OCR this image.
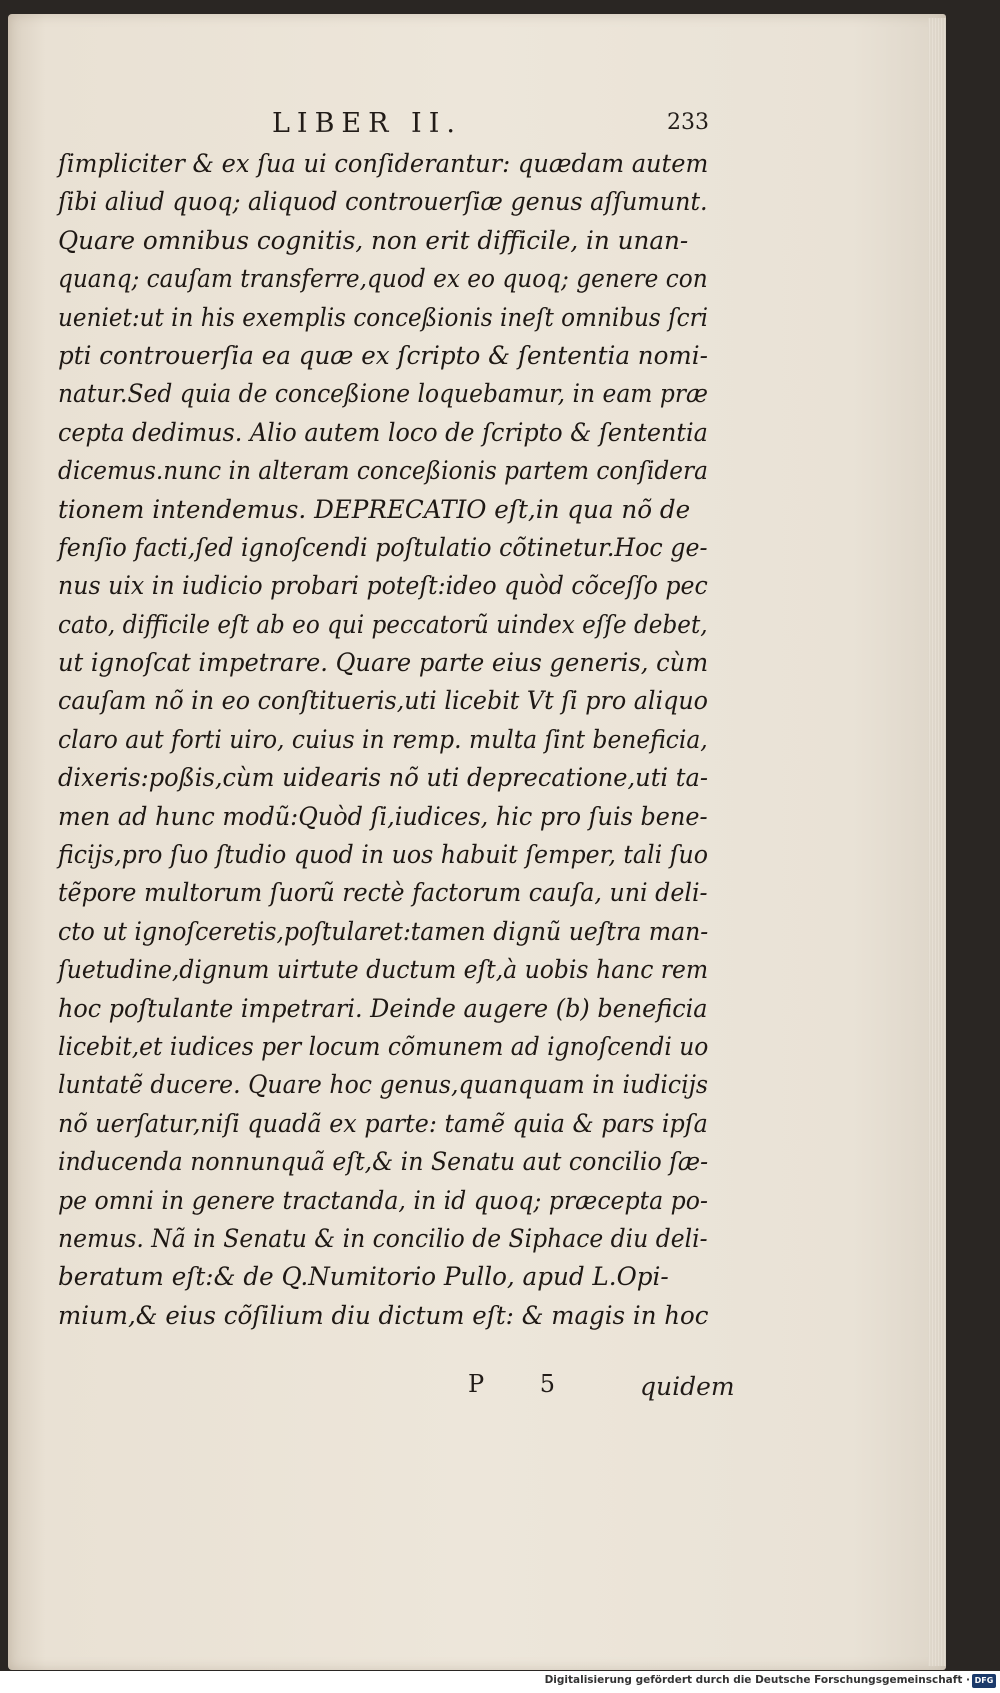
LIBER II.	233
ſimpliciter & ex ſua ui conſiderantur: quædam autem
ſibi aliud quoq; aliquod controuerſiæ genus aſſumunt.
Quare omnibus cognitis, non erit difficile, in unan-
quanq; cauſam transferre,quod ex eo quoq; genere con
ueniet:ut in his exemplis conceßionis ineſt omnibus ſcri
pti controuerſia ea quæ ex ſcripto & ſententia nomi-
natur.Sed quia de conceßione loquebamur, in eam præ
cepta dedimus. Alio autem loco de ſcripto & ſententia
dicemus.nunc in alteram conceßionis partem conſidera
tionem intendemus. DEPRECATIO eſt,in qua nõ de
fenſio facti,ſed ignoſcendi poſtulatio cõtinetur.Hoc ge-
nus uix in iudicio probari poteſt:ideo quòd cõceſſo pec
cato, difficile eſt ab eo qui peccatorũ uindex eſſe debet,
ut ignoſcat impetrare. Quare parte eius generis, cùm
cauſam nõ in eo conſtitueris,uti licebit Vt ſi pro aliquo
claro aut forti uiro, cuius in remp. multa ſint beneficia,
dixeris:poßis,cùm uidearis nõ uti deprecatione,uti ta-
men ad hunc modũ:Quòd ſi,iudices, hic pro ſuis bene-
ficijs,pro ſuo ſtudio quod in uos habuit ſemper, tali ſuo
tẽpore multorum ſuorũ rectè factorum cauſa, uni deli-
cto ut ignoſceretis,poſtularet:tamen dignũ ueſtra man-
ſuetudine,dignum uirtute ductum eſt,à uobis hanc rem
hoc poſtulante impetrari. Deinde augere (b) beneficia
licebit,et iudices per locum cõmunem ad ignoſcendi uo
luntatẽ ducere. Quare hoc genus,quanquam in iudicijs
nõ uerſatur,niſi quadã ex parte: tamẽ quia & pars ipſa
inducenda nonnunquã eſt,& in Senatu aut concilio ſæ-
pe omni in genere tractanda, in id quoq; præcepta po-
nemus. Nã in Senatu & in concilio de Siphace diu deli-
beratum eſt:& de Q.Numitorio Pullo, apud L.Opi-
mium,& eius cõſilium diu dictum eſt: & magis in hoc
P 5 quidem
Digitalisierung gefördert durch die Deutsche Forschungsgemeinschaft · DFG
